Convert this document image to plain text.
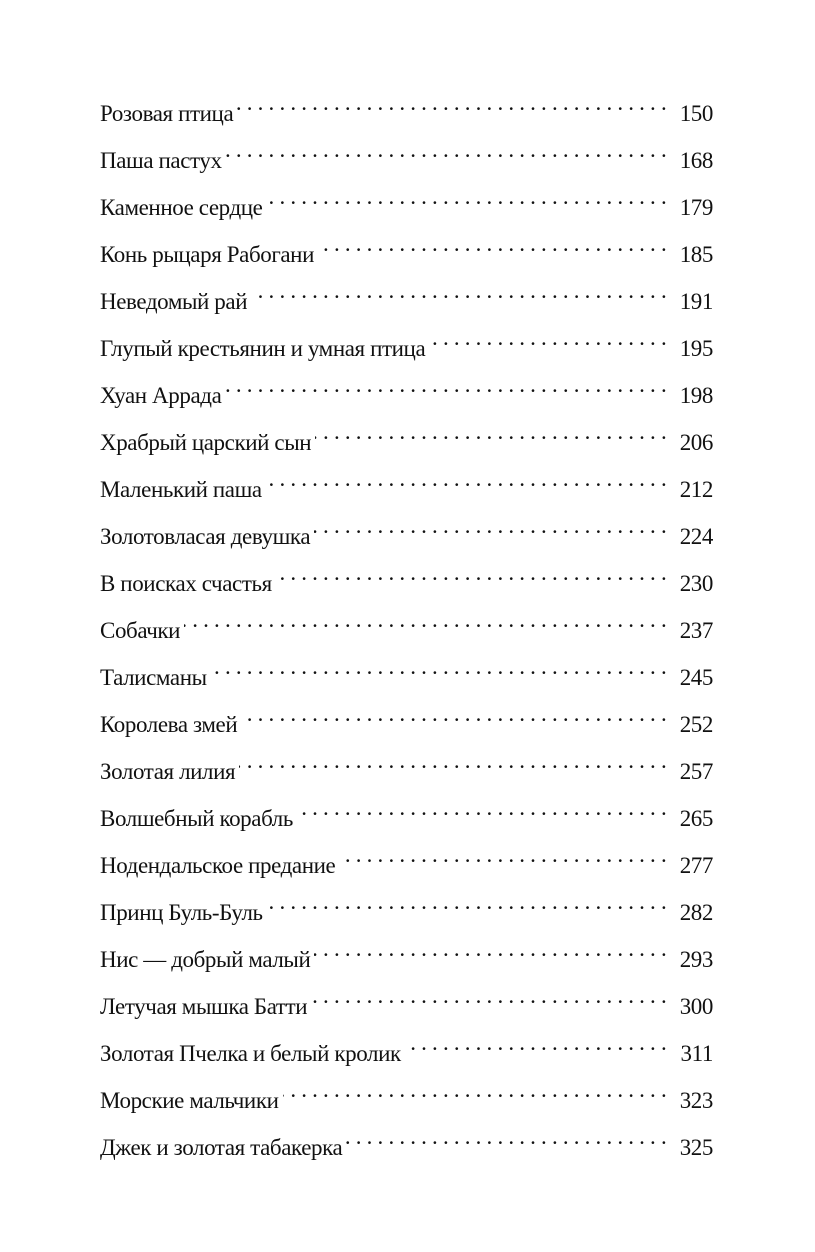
Розовая птица . . .	150
Паша пастух . . .	168
Каменное сердце . . .	179
Конь рыцаря Рабогани . . .	185
Неведомый рай . . .	191
Глупый крестьянин и умная птица . . .	195
Хуан Аррада . . .	198
Храбрый царский сын . . .	206
Маленький паша . . .	212
Золотовласая девушка . . .	224
В поисках счастья . . .	230
Собачки . . .	237
Талисманы . . .	245
Королева змей . . .	252
Золотая лилия . . .	257
Волшебный корабль . . .	265
Нодендальское предание . . .	277
Принц Буль-Буль . . .	282
Нис — добрый малый . . .	293
Летучая мышка Батти . . .	300
Золотая Пчелка и белый кролик . . .	311
Морские мальчики . . .	323
Джек и золотая табакерка . . .	325
